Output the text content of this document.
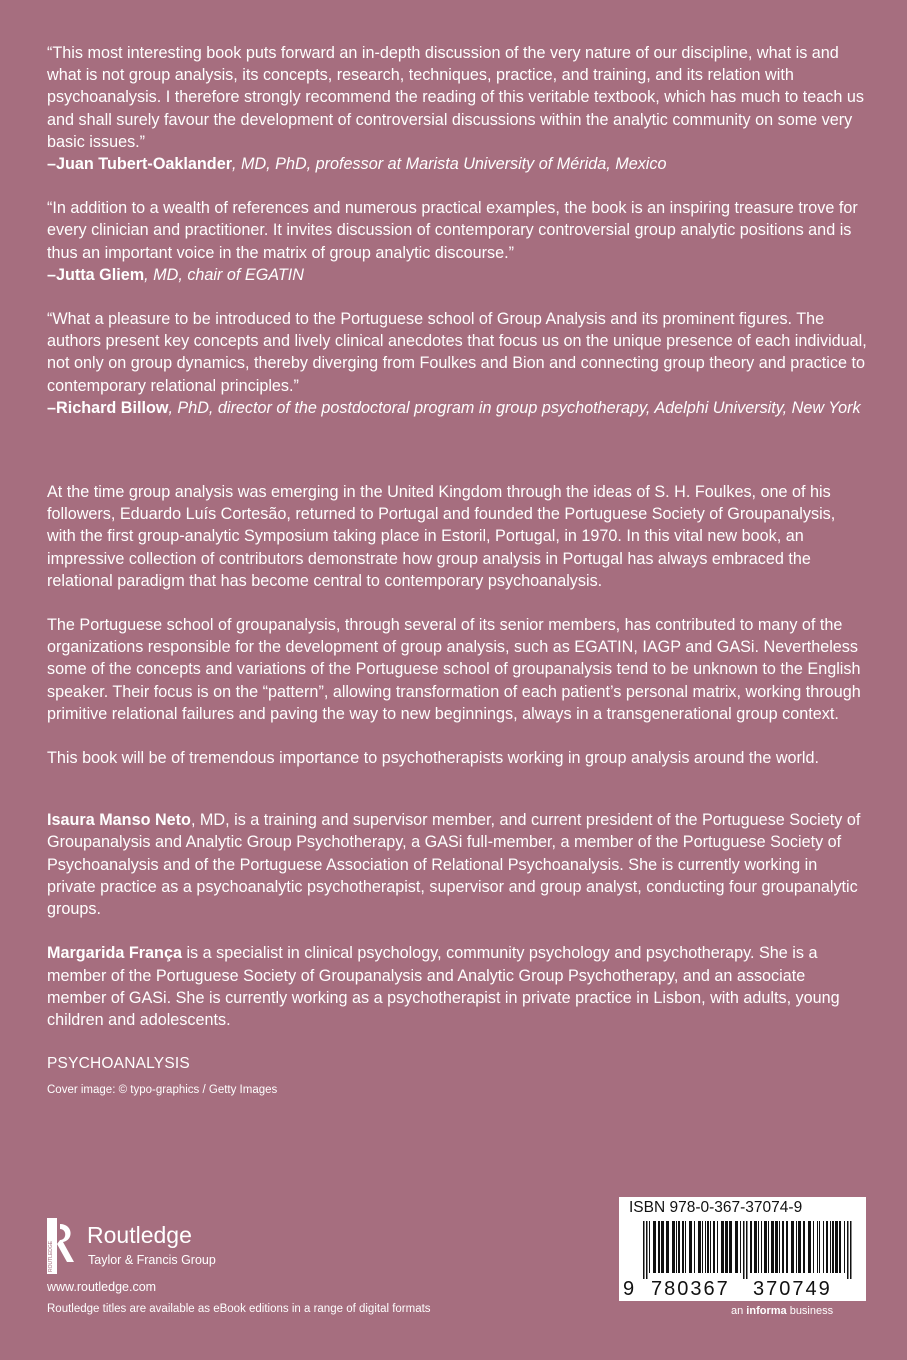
“This most interesting book puts forward an in-depth discussion of the very nature of our discipline, what is and what is not group analysis, its concepts, research, techniques, practice, and training, and its relation with psychoanalysis. I therefore strongly recommend the reading of this veritable textbook, which has much to teach us and shall surely favour the development of controversial discussions within the analytic community on some very basic issues.”

–Juan Tubert-Oaklander, MD, PhD, professor at Marista University of Mérida, Mexico

“In addition to a wealth of references and numerous practical examples, the book is an inspiring treasure trove for every clinician and practitioner. It invites discussion of contemporary controversial group analytic positions and is thus an important voice in the matrix of group analytic discourse.”

–Jutta Gliem, MD, chair of EGATIN

“What a pleasure to be introduced to the Portuguese school of Group Analysis and its prominent figures. The authors present key concepts and lively clinical anecdotes that focus us on the unique presence of each individual, not only on group dynamics, thereby diverging from Foulkes and Bion and connecting group theory and practice to contemporary relational principles.”

–Richard Billow, PhD, director of the postdoctoral program in group psychotherapy, Adelphi University, New York

At the time group analysis was emerging in the United Kingdom through the ideas of S. H. Foulkes, one of his followers, Eduardo Luís Cortesão, returned to Portugal and founded the Portuguese Society of Groupanalysis, with the first group-analytic Symposium taking place in Estoril, Portugal, in 1970. In this vital new book, an impressive collection of contributors demonstrate how group analysis in Portugal has always embraced the relational paradigm that has become central to contemporary psychoanalysis.

The Portuguese school of groupanalysis, through several of its senior members, has contributed to many of the organizations responsible for the development of group analysis, such as EGATIN, IAGP and GASi. Nevertheless some of the concepts and variations of the Portuguese school of groupanalysis tend to be unknown to the English speaker. Their focus is on the “pattern”, allowing transformation of each patient’s personal matrix, working through primitive relational failures and paving the way to new beginnings, always in a transgenerational group context.

This book will be of tremendous importance to psychotherapists working in group analysis around the world.

Isaura Manso Neto, MD, is a training and supervisor member, and current president of the Portuguese Society of Groupanalysis and Analytic Group Psychotherapy, a GASi full-member, a member of the Portuguese Society of Psychoanalysis and of the Portuguese Association of Relational Psychoanalysis. She is currently working in private practice as a psychoanalytic psychotherapist, supervisor and group analyst, conducting four groupanalytic groups.

Margarida França is a specialist in clinical psychology, community psychology and psychotherapy. She is a member of the Portuguese Society of Groupanalysis and Analytic Group Psychotherapy, and an associate member of GASi. She is currently working as a psychotherapist in private practice in Lisbon, with adults, young children and adolescents.

PSYCHOANALYSIS

Cover image: © typo-graphics / Getty Images

ROUTLEDGE
Routledge
Taylor & Francis Group
www.routledge.com
Routledge titles are available as eBook editions in a range of digital formats
ISBN 978-0-367-37074-9
9 780367 370749
an informa business
